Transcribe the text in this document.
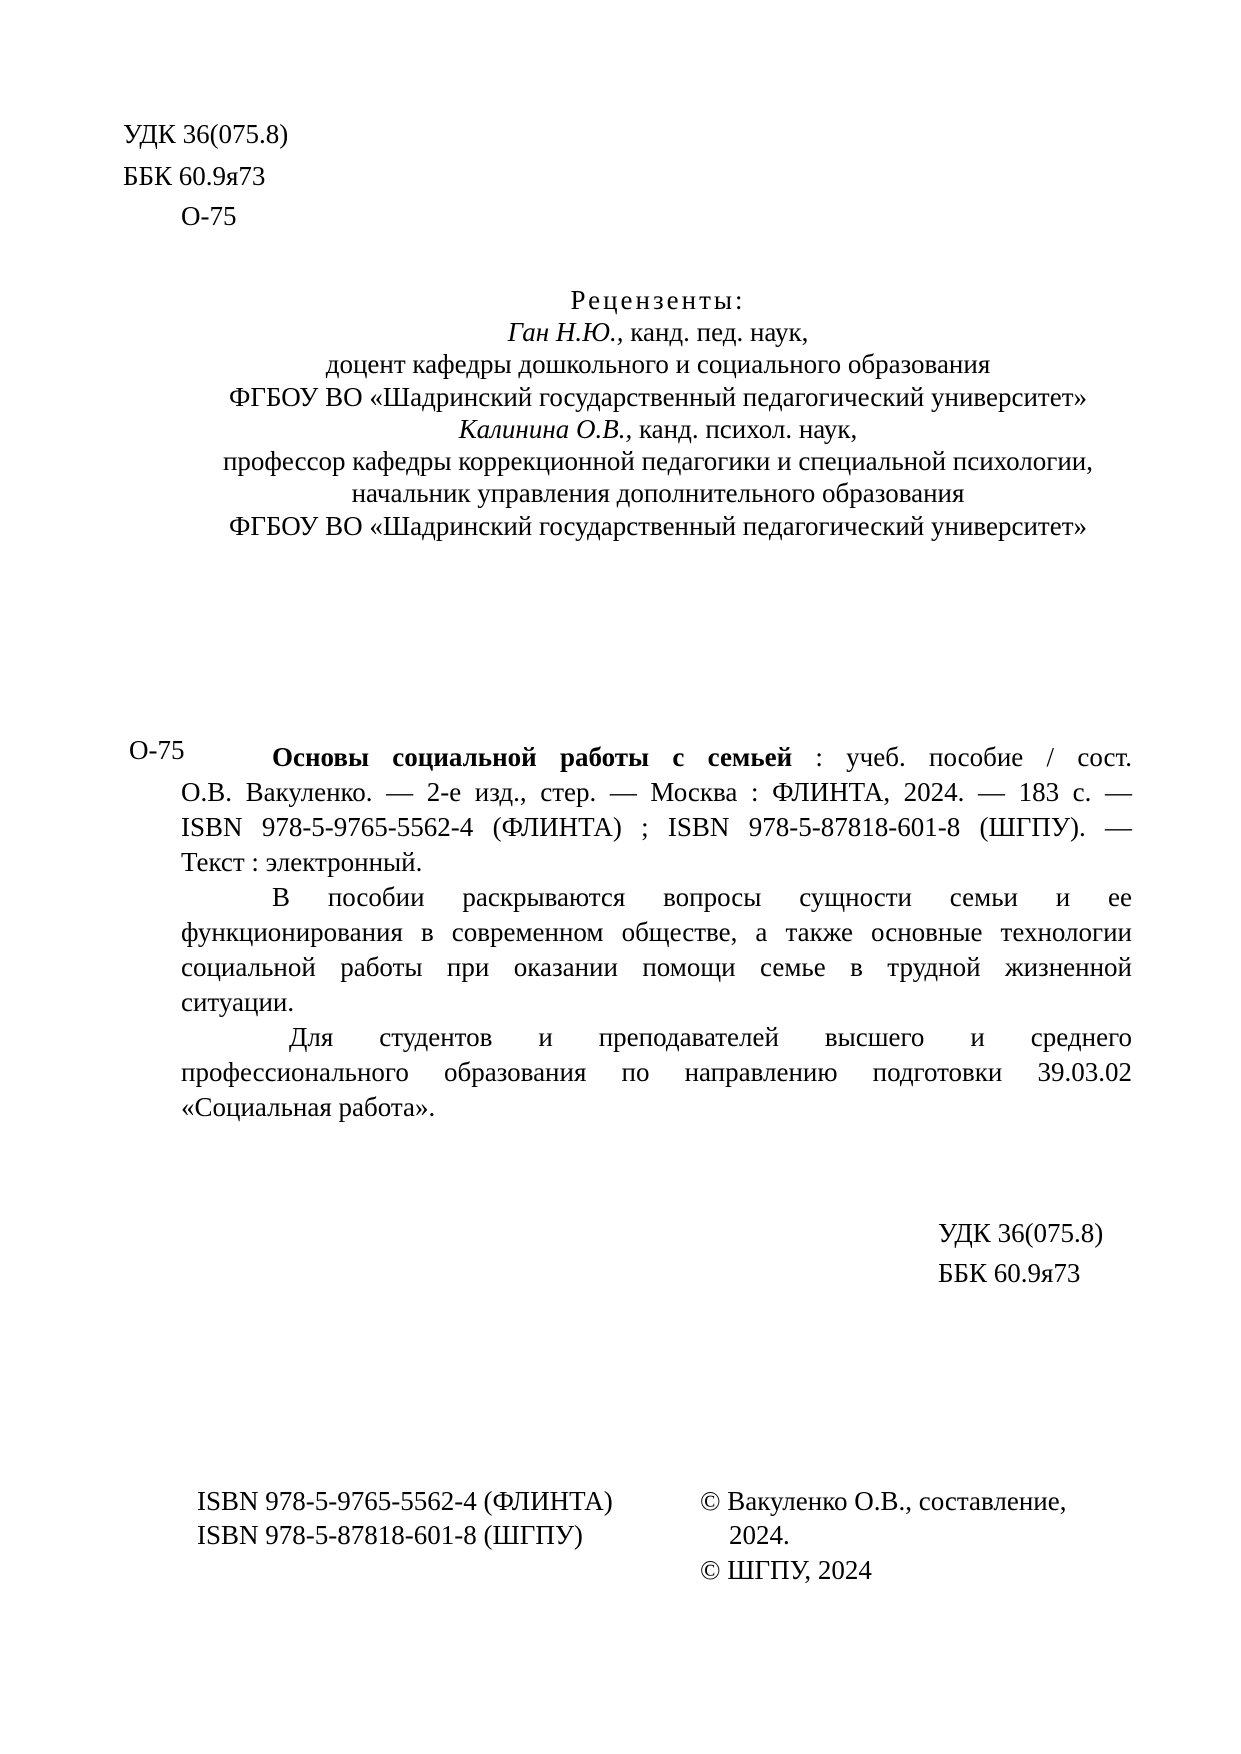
УДК 36(075.8)
ББК 60.9я73
О-75
Рецензенты:
Ган Н.Ю., канд. пед. наук,
доцент кафедры дошкольного и социального образования
ФГБОУ ВО «Шадринский государственный педагогический университет»
Калинина О.В., канд. психол. наук,
профессор кафедры коррекционной педагогики и специальной психологии,
начальник управления дополнительного образования
ФГБОУ ВО «Шадринский государственный педагогический университет»
О-75	Основы социальной работы с семьей : учеб. пособие / сост.
О.В. Вакуленко. — 2-е изд., стер. — Москва : ФЛИНТА, 2024. — 183 с. —
ISBN 978-5-9765-5562-4 (ФЛИНТА) ; ISBN 978-5-87818-601-8 (ШГПУ). —
Текст : электронный.
В пособии раскрываются вопросы сущности семьи и ее
функционирования в современном обществе, а также основные технологии
социальной работы при оказании помощи семье в трудной жизненной
ситуации.
Для студентов и преподавателей высшего и среднего
профессионального образования по направлению подготовки 39.03.02
«Социальная работа».
УДК 36(075.8)
ББК 60.9я73
ISBN 978-5-9765-5562-4 (ФЛИНТА)
ISBN 978-5-87818-601-8 (ШГПУ)
© Вакуленко О.В., составление,
2024.
© ШГПУ, 2024
